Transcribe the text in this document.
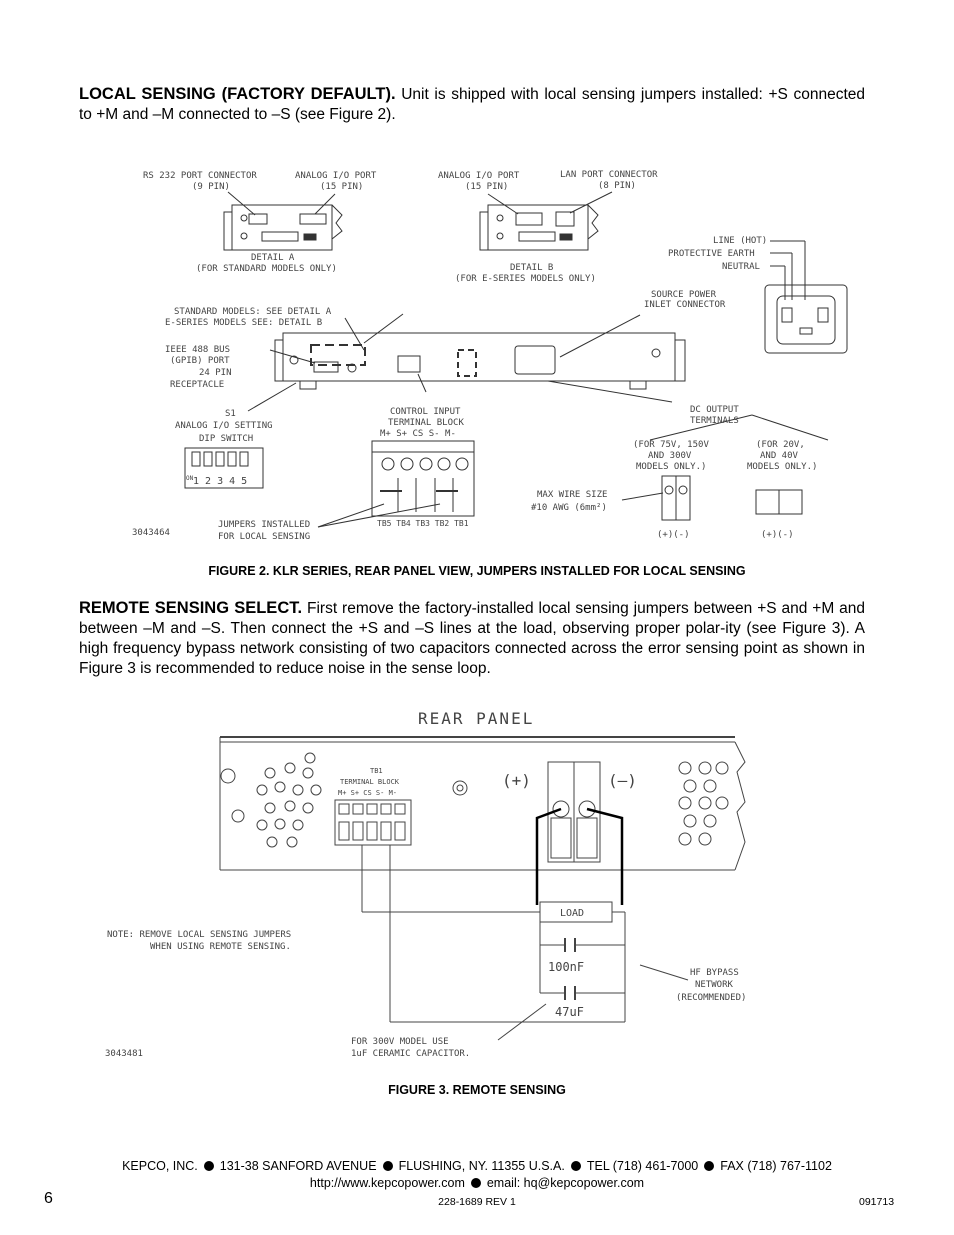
LOCAL SENSING (FACTORY DEFAULT). Unit is shipped with local sensing jumpers installed: +S connected to +M and –M connected to –S (see Figure 2).
RS 232 PORT CONNECTOR
(9 PIN)
ANALOG I/O PORT
(15 PIN)
ANALOG I/O PORT
(15 PIN)
LAN PORT CONNECTOR
(8 PIN)
DETAIL A
(FOR STANDARD MODELS ONLY)	DETAIL B
(FOR E-SERIES MODELS ONLY)
LINE (HOT)
PROTECTIVE EARTH
NEUTRAL
SOURCE POWER
INLET CONNECTOR
STANDARD MODELS: SEE DETAIL A
E-SERIES MODELS SEE: DETAIL B
IEEE 488 BUS
(GPIB) PORT
24 PIN
RECEPTACLE
S1
ANALOG I/O SETTING
DIP SWITCH
1 2 3 4 5
ON
CONTROL INPUT
TERMINAL BLOCK
M+ S+ CS S- M-
TB5 TB4 TB3 TB2 TB1
DC OUTPUT
TERMINALS
(FOR 75V, 150V
AND 300V
MODELS ONLY.)
(FOR 20V,
AND 40V
MODELS ONLY.)
MAX WIRE SIZE
#10 AWG (6mm²)
(+)(-)	(+)(-)
JUMPERS INSTALLED
FOR LOCAL SENSING
3043464
FIGURE 2. KLR SERIES, REAR PANEL VIEW, JUMPERS INSTALLED FOR LOCAL SENSING
REMOTE SENSING SELECT. First remove the factory-installed local sensing jumpers between +S and +M and between –M and –S. Then connect the +S and –S lines at the load, observing proper polar-ity (see Figure 3). A high frequency bypass network consisting of two capacitors connected across the error sensing point as shown in Figure 3 is recommended to reduce noise in the sense loop.
REAR PANEL
TB1
TERMINAL BLOCK
M+ S+ CS S- M-
(+)	(—)
LOAD
NOTE: REMOVE LOCAL SENSING JUMPERS
WHEN USING REMOTE SENSING.
100nF
47uF
HF BYPASS
NETWORK
(RECOMMENDED)
FOR 300V MODEL USE
1uF CERAMIC CAPACITOR.
3043481
FIGURE 3. REMOTE SENSING
KEPCO, INC. 131-38 SANFORD AVENUE FLUSHING, NY. 11355 U.S.A. TEL (718) 461-7000 FAX (718) 767-1102
http://www.kepcopower.com email: hq@kepcopower.com
6	228-1689 REV 1	091713
